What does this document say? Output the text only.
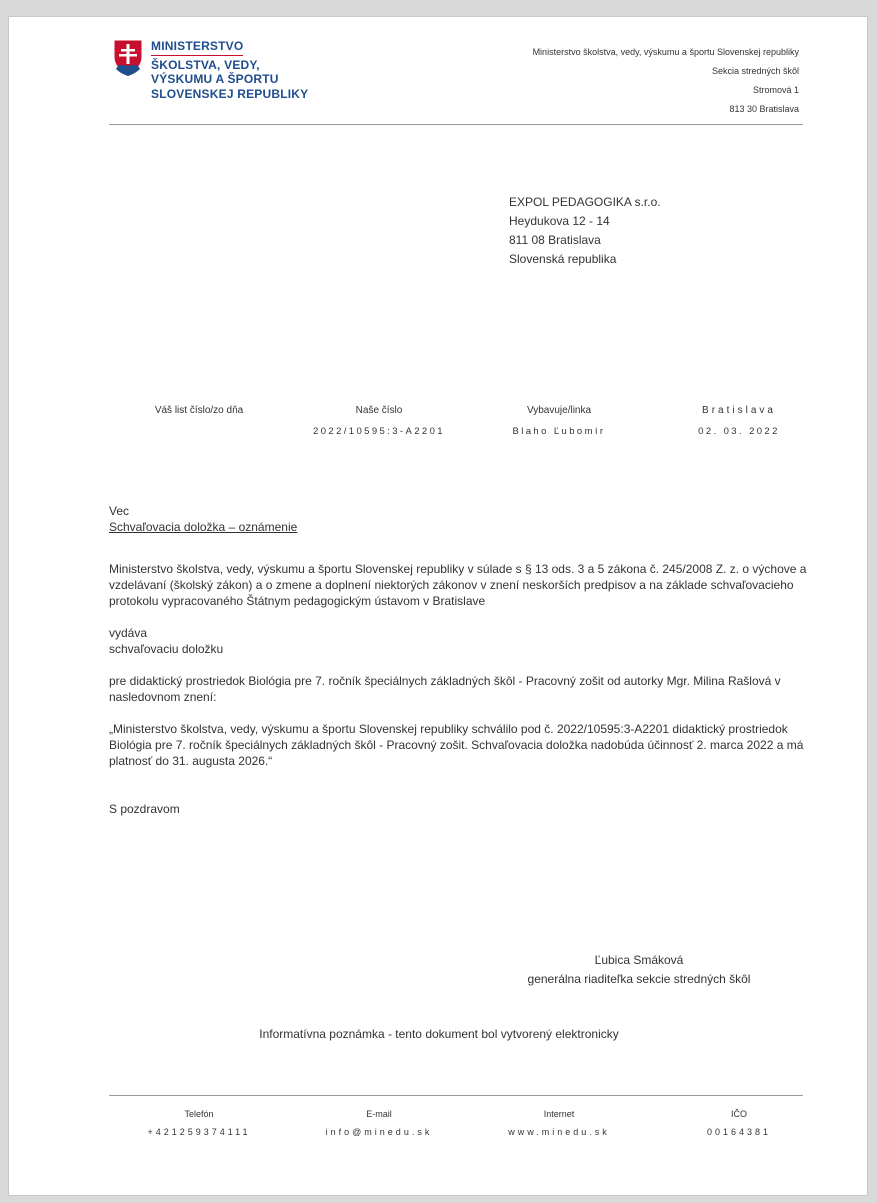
MINISTERSTVO
ŠKOLSTVA, VEDY,
VÝSKUMU A ŠPORTU
SLOVENSKEJ REPUBLIKY
Ministerstvo školstva, vedy, výskumu a športu Slovenskej republiky
Sekcia stredných škôl
Stromová 1
813 30 Bratislava
EXPOL PEDAGOGIKA s.r.o.
Heydukova 12 - 14
811 08 Bratislava
Slovenská republika
Váš list číslo/zo dňa	Naše číslo
2022/10595:3-A2201
Vybavuje/linka
Blaho Ľubomír
Bratislava
02. 03. 2022
Vec
Schvaľovacia doložka – oznámenie
Ministerstvo školstva, vedy, výskumu a športu Slovenskej republiky v súlade s § 13 ods. 3 a 5 zákona č. 245/2008 Z. z. o výchove a vzdelávaní (školský zákon) a o zmene a doplnení niektorých zákonov v znení neskorších predpisov a na základe schvaľovacieho protokolu vypracovaného Štátnym pedagogickým ústavom v Bratislave
vydáva
schvaľovaciu doložku
pre didaktický prostriedok Biológia pre 7. ročník špeciálnych základných škôl - Pracovný zošit od autorky Mgr. Milina Rašlová v nasledovnom znení:
„Ministerstvo školstva, vedy, výskumu a športu Slovenskej republiky schválilo pod č. 2022/10595:3-A2201 didaktický prostriedok Biológia pre 7. ročník špeciálnych základných škôl - Pracovný zošit. Schvaľovacia doložka nadobúda účinnosť 2. marca 2022 a má platnosť do 31. augusta 2026.“
S pozdravom
Ľubica Smáková
generálna riaditeľka sekcie stredných škôl
Informatívna poznámka - tento dokument bol vytvorený elektronicky
Telefón
+421259374111
E-mail
info@minedu.sk
Internet
www.minedu.sk
IČO
00164381
